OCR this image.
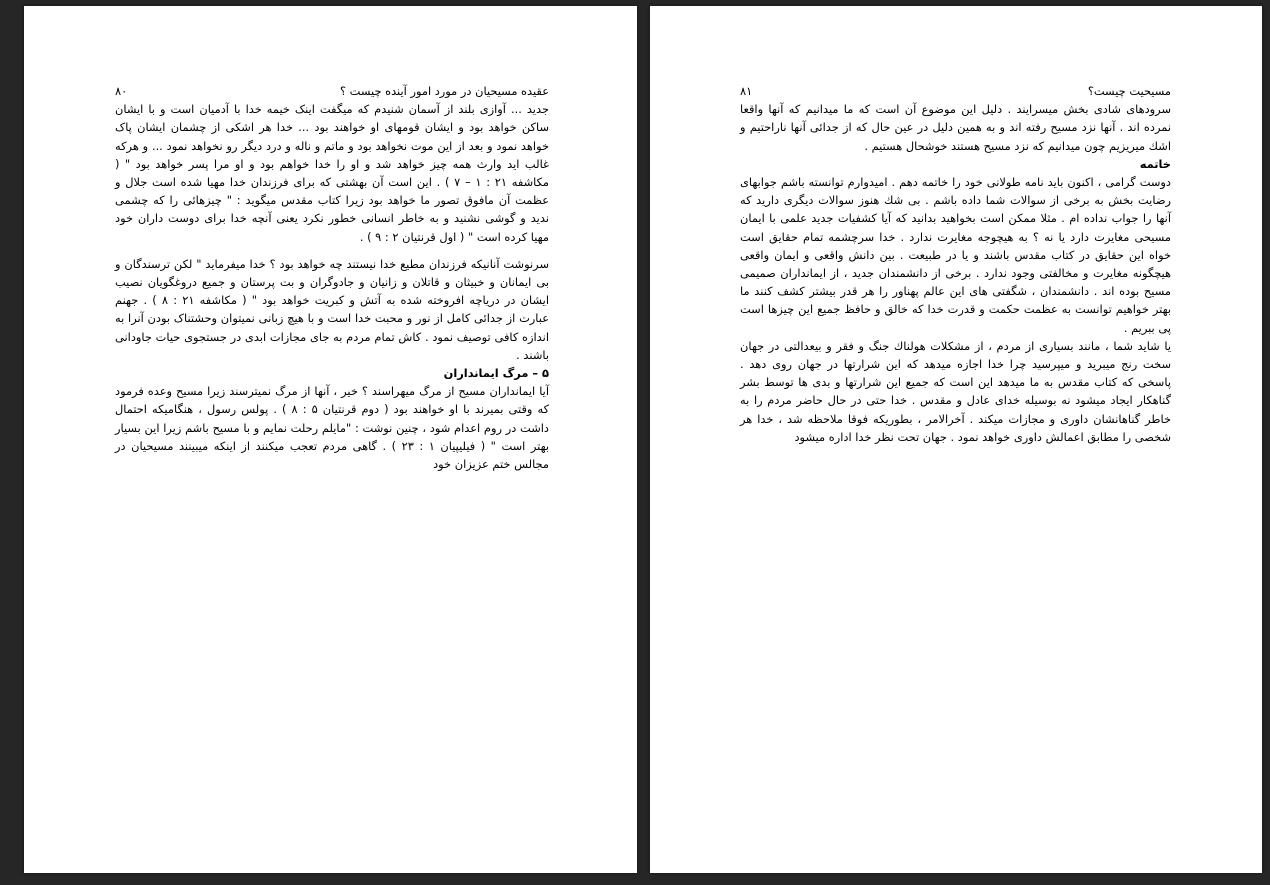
عقیده مسیحیان در مورد امور آینده چیست ؟
۸۰

جدید ... آوازی بلند از آسمان شنیدم که میگفت اینک خیمه خدا با آدمیان است و با ایشان ساکن خواهد بود و ایشان قومهای او خواهند بود ... خدا هر اشکی از چشمان ایشان پاک خواهد نمود و بعد از این موت نخواهد بود و ماتم و ناله و درد دیگر رو نخواهد نمود ... و هرکه غالب اید وارث همه چیز خواهد شد و او را خدا خواهم بود و او مرا پسر خواهد بود " ( مکاشفه ۲۱ : ۱ – ۷ ) . این است آن بهشتی که برای فرزندان خدا مهیا شده است جلال و عظمت آن مافوق تصور ما خواهد بود زیرا کتاب مقدس میگوید : " چیزهائی را که چشمی ندید و گوشی نشنید و به خاطر انسانی خطور نکرد یعنی آنچه خدا برای دوست داران خود مهیا کرده است " ( اول قرنتیان ۲ : ۹ ) .

سرنوشت آنانیکه فرزندان مطیع خدا نیستند چه خواهد بود ؟ خدا میفرماید " لکن ترسندگان و بی ایمانان و خبیثان و قاتلان و زانیان و جادوگران و بت پرستان و جمیع دروغگویان نصیب ایشان در دریاچه افروخته شده به آتش و کبریت خواهد بود " ( مکاشفه ۲۱ : ۸ ) . جهنم عبارت از جدائی کامل از نور و محبت خدا است و با هیچ زبانی نمیتوان وحشتناک بودن آنرا به اندازه کافی توصیف نمود . کاش تمام مردم به جای مجازات ابدی در جستجوی حیات جاودانی باشند .

۵ – مرگ ایمانداران

آیا ایمانداران مسیح از مرگ میهراسند ؟ خیر ، آنها از مرگ نمیترسند زیرا مسیح وعده فرمود که وقتی بمیرند با او خواهند بود ( دوم قرنتیان ۵ : ۸ ) . پولس رسول ، هنگامیکه احتمال داشت در روم اعدام شود ، چنین نوشت : "مایلم رحلت نمایم و با مسیح باشم زیرا این بسیار بهتر است " ( فیلیپیان ۱ : ۲۳ ) . گاهی مردم تعجب میکنند از اینکه میبینند مسیحیان در مجالس ختم عزیزان خود

مسیحیت چیست؟
۸۱

سرودهای شادی بخش میسرایند . دلیل این موضوع آن است که ما میدانیم که آنها واقعا نمرده اند . آنها نزد مسیح رفته اند و به همین دلیل در عین حال که از جدائی آنها ناراحتیم و اشك میریزیم چون میدانیم که نزد مسیح هستند خوشحال هستیم .

خاتمه

دوست گرامی ، اکنون باید نامه طولانی خود را خاتمه دهم . امیدوارم توانسته باشم جوابهای رضایت بخش به برخی از سوالات شما داده باشم . بی شك هنوز سوالات دیگری دارید که آنها را جواب نداده ام . مثلا ممکن است بخواهید بدانید که آیا کشفیات جدید علمی با ایمان مسیحی مغایرت دارد یا نه ؟ به هیچوجه مغایرت ندارد . خدا سرچشمه تمام حقایق است خواه این حقایق در کتاب مقدس باشند و یا در طبیعت . بین دانش واقعی و ایمان واقعی هیچگونه مغایرت و مخالفتی وجود ندارد . برخی از دانشمندان جدید ، از ایمانداران صمیمی مسیح بوده اند . دانشمندان ، شگفتی های این عالم پهناور را هر قدر بیشتر کشف کنند ما بهتر خواهیم توانست به عظمت حکمت و قدرت خدا که خالق و حافظ جمیع این چیزها است پی ببریم .

یا شاید شما ، مانند بسیاری از مردم ، از مشکلات هولناك جنگ و فقر و بیعدالتی در جهان سخت رنج میبرید و میپرسید چرا خدا اجازه میدهد که این شرارتها در جهان روی دهد . پاسخی که کتاب مقدس به ما میدهد این است که جمیع این شرارتها و بدی ها توسط بشر گناهکار ایجاد میشود نه بوسیله خدای عادل و مقدس . خدا حتی در حال حاضر مردم را به خاطر گناهانشان داوری و مجازات میکند . آخرالامر ، بطوریکه فوقا ملاحظه شد ، خدا هر شخصی را مطابق اعمالش داوری خواهد نمود . جهان تحت نظر خدا اداره میشود
